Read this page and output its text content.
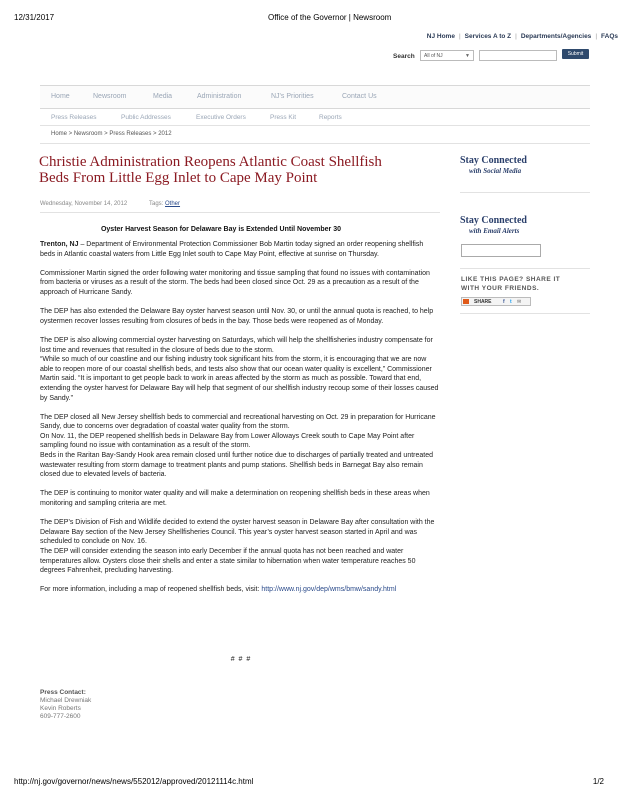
12/31/2017	Office of the Governor | Newsroom
NJ Home | Services A to Z | Departments/Agencies | FAQs
Search	All of NJ	▼	Submit
Home	Newsroom	Media	Administration	NJ's Priorities	Contact Us
Press Releases	Public Addresses	Executive Orders	Press Kit	Reports
Home > Newsroom > Press Releases > 2012
Christie Administration Reopens Atlantic Coast Shellfish Beds From Little Egg Inlet to Cape May Point
Wednesday, November 14, 2012	Tags: Other
Oyster Harvest Season for Delaware Bay is Extended Until November 30

Trenton, NJ – Department of Environmental Protection Commissioner Bob Martin today signed an order reopening shellfish beds in Atlantic coastal waters from Little Egg Inlet south to Cape May Point, effective at sunrise on Thursday.

Commissioner Martin signed the order following water monitoring and tissue sampling that found no issues with contamination from bacteria or viruses as a result of the storm. The beds had been closed since Oct. 29 as a precaution as a result of the approach of Hurricane Sandy.

The DEP has also extended the Delaware Bay oyster harvest season until Nov. 30, or until the annual quota is reached, to help oystermen recover losses resulting from closures of beds in the bay. Those beds were reopened as of Monday.

The DEP is also allowing commercial oyster harvesting on Saturdays, which will help the shellfisheries industry compensate for lost time and revenues that resulted in the closure of beds due to the storm.

“While so much of our coastline and our fishing industry took significant hits from the storm, it is encouraging that we are now able to reopen more of our coastal shellfish beds, and tests also show that our ocean water quality is excellent,” Commissioner Martin said. “It is important to get people back to work in areas affected by the storm as much as possible. Toward that end, extending the oyster harvest for Delaware Bay will help that segment of our shellfish industry recoup some of their losses caused by Sandy.”

The DEP closed all New Jersey shellfish beds to commercial and recreational harvesting on Oct. 29 in preparation for Hurricane Sandy, due to concerns over degradation of coastal water quality from the storm.

On Nov. 11, the DEP reopened shellfish beds in Delaware Bay from Lower Alloways Creek south to Cape May Point after sampling found no issue with contamination as a result of the storm.

Beds in the Raritan Bay-Sandy Hook area remain closed until further notice due to discharges of partially treated and untreated wastewater resulting from storm damage to treatment plants and pump stations. Shellfish beds in Barnegat Bay also remain closed due to elevated levels of bacteria.

The DEP is continuing to monitor water quality and will make a determination on reopening shellfish beds in these areas when monitoring and sampling criteria are met.

The DEP’s Division of Fish and Wildlife decided to extend the oyster harvest season in Delaware Bay after consultation with the Delaware Bay section of the New Jersey Shellfisheries Council. This year’s oyster harvest season started in April and was scheduled to conclude on Nov. 16.

The DEP will consider extending the season into early December if the annual quota has not been reached and water temperatures allow. Oysters close their shells and enter a state similar to hibernation when water temperature reaches 50 degrees Fahrenheit, precluding harvesting.

For more information, including a map of reopened shellfish beds, visit: http://www.nj.gov/dep/wms/bmw/sandy.html

# # #
Press Contact:
Michael Drewniak
Kevin Roberts
609-777-2600
Stay Connected
with Social Media
Stay Connected
with Email Alerts
LIKE THIS PAGE? SHARE IT
WITH YOUR FRIENDS.
SHARE f t ✉
http://nj.gov/governor/news/news/552012/approved/20121114c.html	1/2
